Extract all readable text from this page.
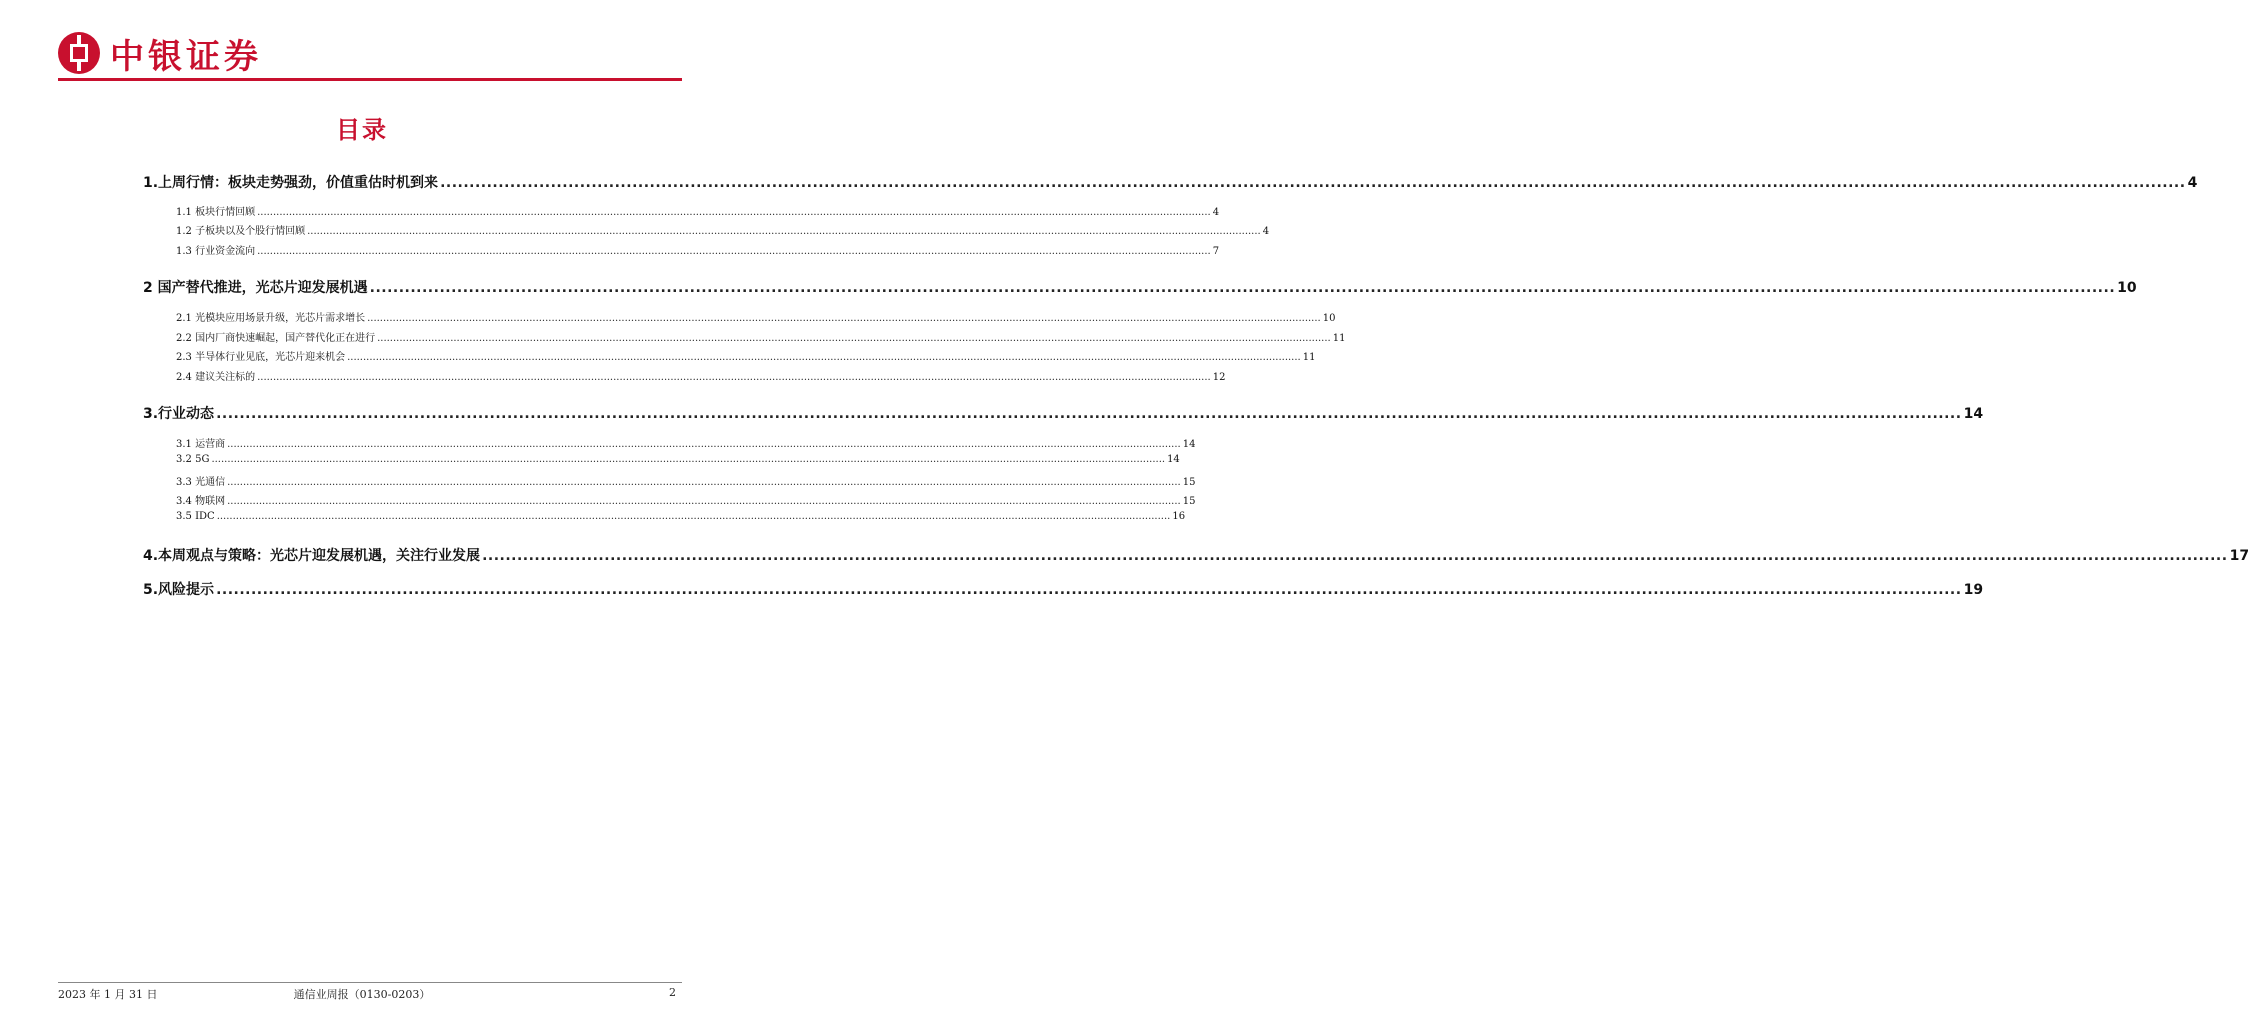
中银证券
目录
1.上周行情：板块走势强劲，价值重估时机到来 ............................................................................................................................................................................................................................................................................................................ 4
1.1 板块行情回顾 ............................................................................................................................................................................................................................................................................................................ 4
1.2 子板块以及个股行情回顾 ............................................................................................................................................................................................................................................................................................................ 4
1.3 行业资金流向 ............................................................................................................................................................................................................................................................................................................ 7
2 国产替代推进，光芯片迎发展机遇 ............................................................................................................................................................................................................................................................................................................ 10
2.1 光模块应用场景升级，光芯片需求增长 ............................................................................................................................................................................................................................................................................................................ 10
2.2 国内厂商快速崛起，国产替代化正在进行 ............................................................................................................................................................................................................................................................................................................ 11
2.3 半导体行业见底，光芯片迎来机会 ............................................................................................................................................................................................................................................................................................................ 11
2.4 建议关注标的 ............................................................................................................................................................................................................................................................................................................ 12
3.行业动态 ............................................................................................................................................................................................................................................................................................................ 14
3.1 运营商 ............................................................................................................................................................................................................................................................................................................ 14
3.2 5G ............................................................................................................................................................................................................................................................................................................ 14
3.3 光通信 ............................................................................................................................................................................................................................................................................................................ 15
3.4 物联网 ............................................................................................................................................................................................................................................................................................................ 15
3.5 IDC ............................................................................................................................................................................................................................................................................................................ 16
4.本周观点与策略：光芯片迎发展机遇，关注行业发展 ............................................................................................................................................................................................................................................................................................................ 17
5.风险提示 ............................................................................................................................................................................................................................................................................................................ 19
2023 年 1 月 31 日	通信业周报（0130-0203）	2
